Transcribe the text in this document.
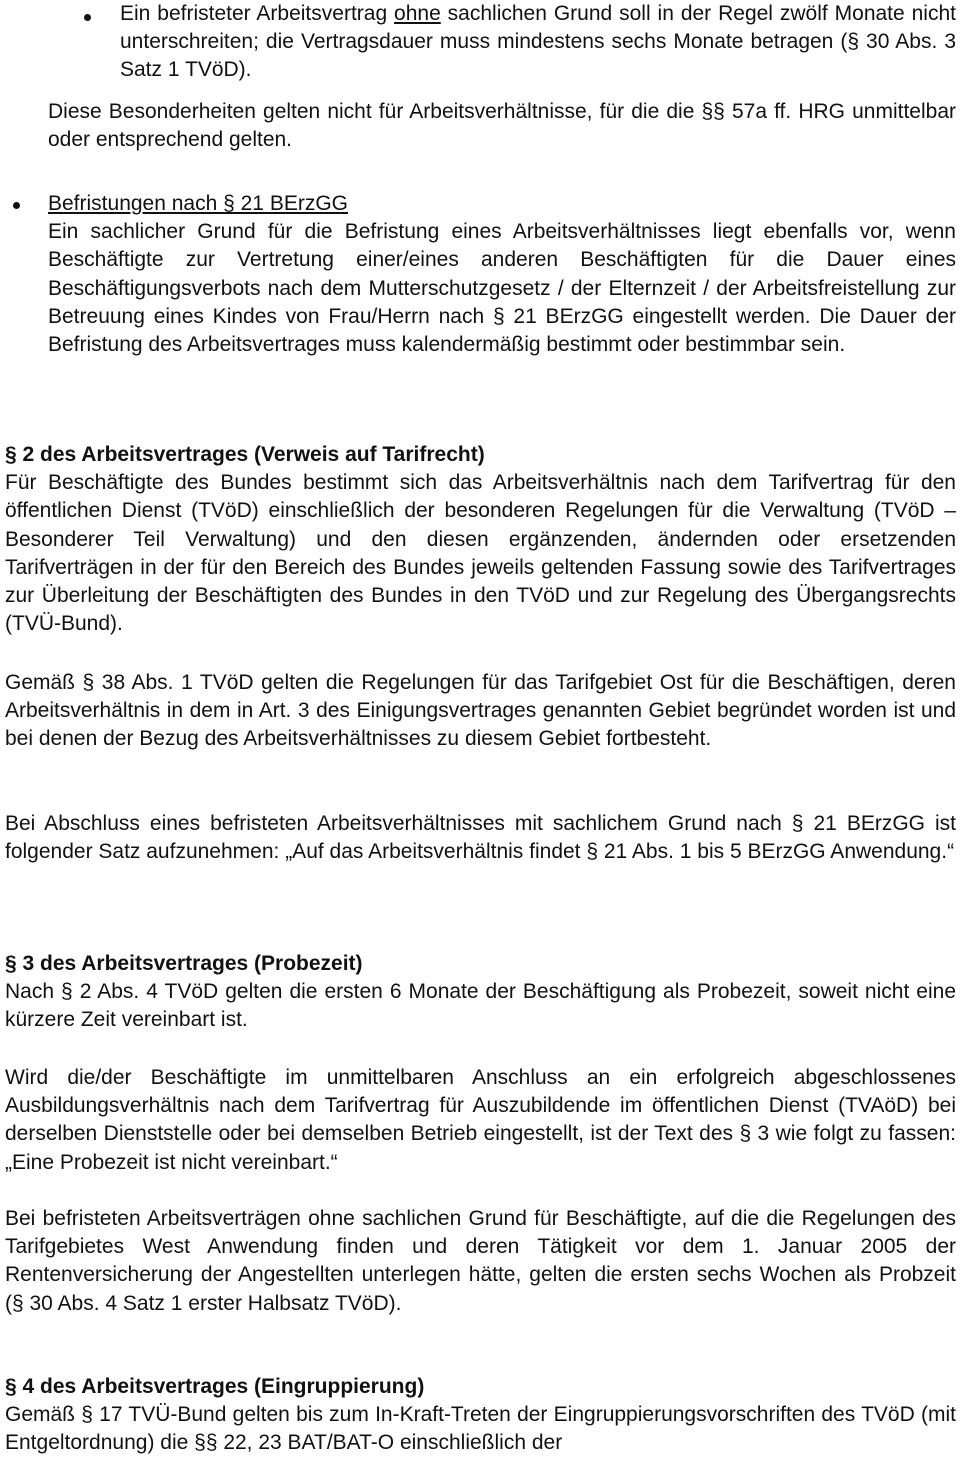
Ein befristeter Arbeitsvertrag ohne sachlichen Grund soll in der Regel zwölf Monate nicht unterschreiten; die Vertragsdauer muss mindestens sechs Monate betragen (§ 30 Abs. 3 Satz 1 TVöD).

Diese Besonderheiten gelten nicht für Arbeitsverhältnisse, für die die §§ 57a ff. HRG unmittelbar oder entsprechend gelten.

Befristungen nach § 21 BErzGG

Ein sachlicher Grund für die Befristung eines Arbeitsverhältnisses liegt ebenfalls vor, wenn Beschäftigte zur Vertretung einer/eines anderen Beschäftigten für die Dauer eines Beschäftigungsverbots nach dem Mutterschutzgesetz / der Elternzeit / der Arbeitsfreistellung zur Betreuung eines Kindes von Frau/Herrn nach § 21 BErzGG eingestellt werden. Die Dauer der Befristung des Arbeitsvertrages muss kalendermäßig bestimmt oder bestimmbar sein.

§ 2 des Arbeitsvertrages (Verweis auf Tarifrecht)

Für Beschäftigte des Bundes bestimmt sich das Arbeitsverhältnis nach dem Tarifvertrag für den öffentlichen Dienst (TVöD) einschließlich der besonderen Regelungen für die Verwaltung (TVöD – Besonderer Teil Verwaltung) und den diesen ergänzenden, ändernden oder ersetzenden Tarifverträgen in der für den Bereich des Bundes jeweils geltenden Fassung sowie des Tarifvertrages zur Überleitung der Beschäftigten des Bundes in den TVöD und zur Regelung des Übergangsrechts (TVÜ-Bund).

Gemäß § 38 Abs. 1 TVöD gelten die Regelungen für das Tarifgebiet Ost für die Beschäftigen, deren Arbeitsverhältnis in dem in Art. 3 des Einigungsvertrages genannten Gebiet begründet worden ist und bei denen der Bezug des Arbeitsverhältnisses zu diesem Gebiet fortbesteht.

Bei Abschluss eines befristeten Arbeitsverhältnisses mit sachlichem Grund nach § 21 BErzGG ist folgender Satz aufzunehmen: „Auf das Arbeitsverhältnis findet § 21 Abs. 1 bis 5 BErzGG Anwendung.“

§ 3 des Arbeitsvertrages (Probezeit)

Nach § 2 Abs. 4 TVöD gelten die ersten 6 Monate der Beschäftigung als Probezeit, soweit nicht eine kürzere Zeit vereinbart ist.

Wird die/der Beschäftigte im unmittelbaren Anschluss an ein erfolgreich abgeschlossenes Ausbildungsverhältnis nach dem Tarifvertrag für Auszubildende im öffentlichen Dienst (TVAöD) bei derselben Dienststelle oder bei demselben Betrieb eingestellt, ist der Text des § 3 wie folgt zu fassen: „Eine Probezeit ist nicht vereinbart.“

Bei befristeten Arbeitsverträgen ohne sachlichen Grund für Beschäftigte, auf die die Regelungen des Tarifgebietes West Anwendung finden und deren Tätigkeit vor dem 1. Januar 2005 der Rentenversicherung der Angestellten unterlegen hätte, gelten die ersten sechs Wochen als Probzeit (§ 30 Abs. 4 Satz 1 erster Halbsatz TVöD).

§ 4 des Arbeitsvertrages (Eingruppierung)

Gemäß § 17 TVÜ-Bund gelten bis zum In-Kraft-Treten der Eingruppierungsvorschriften des TVöD (mit Entgeltordnung) die §§ 22, 23 BAT/BAT-O einschließlich der
